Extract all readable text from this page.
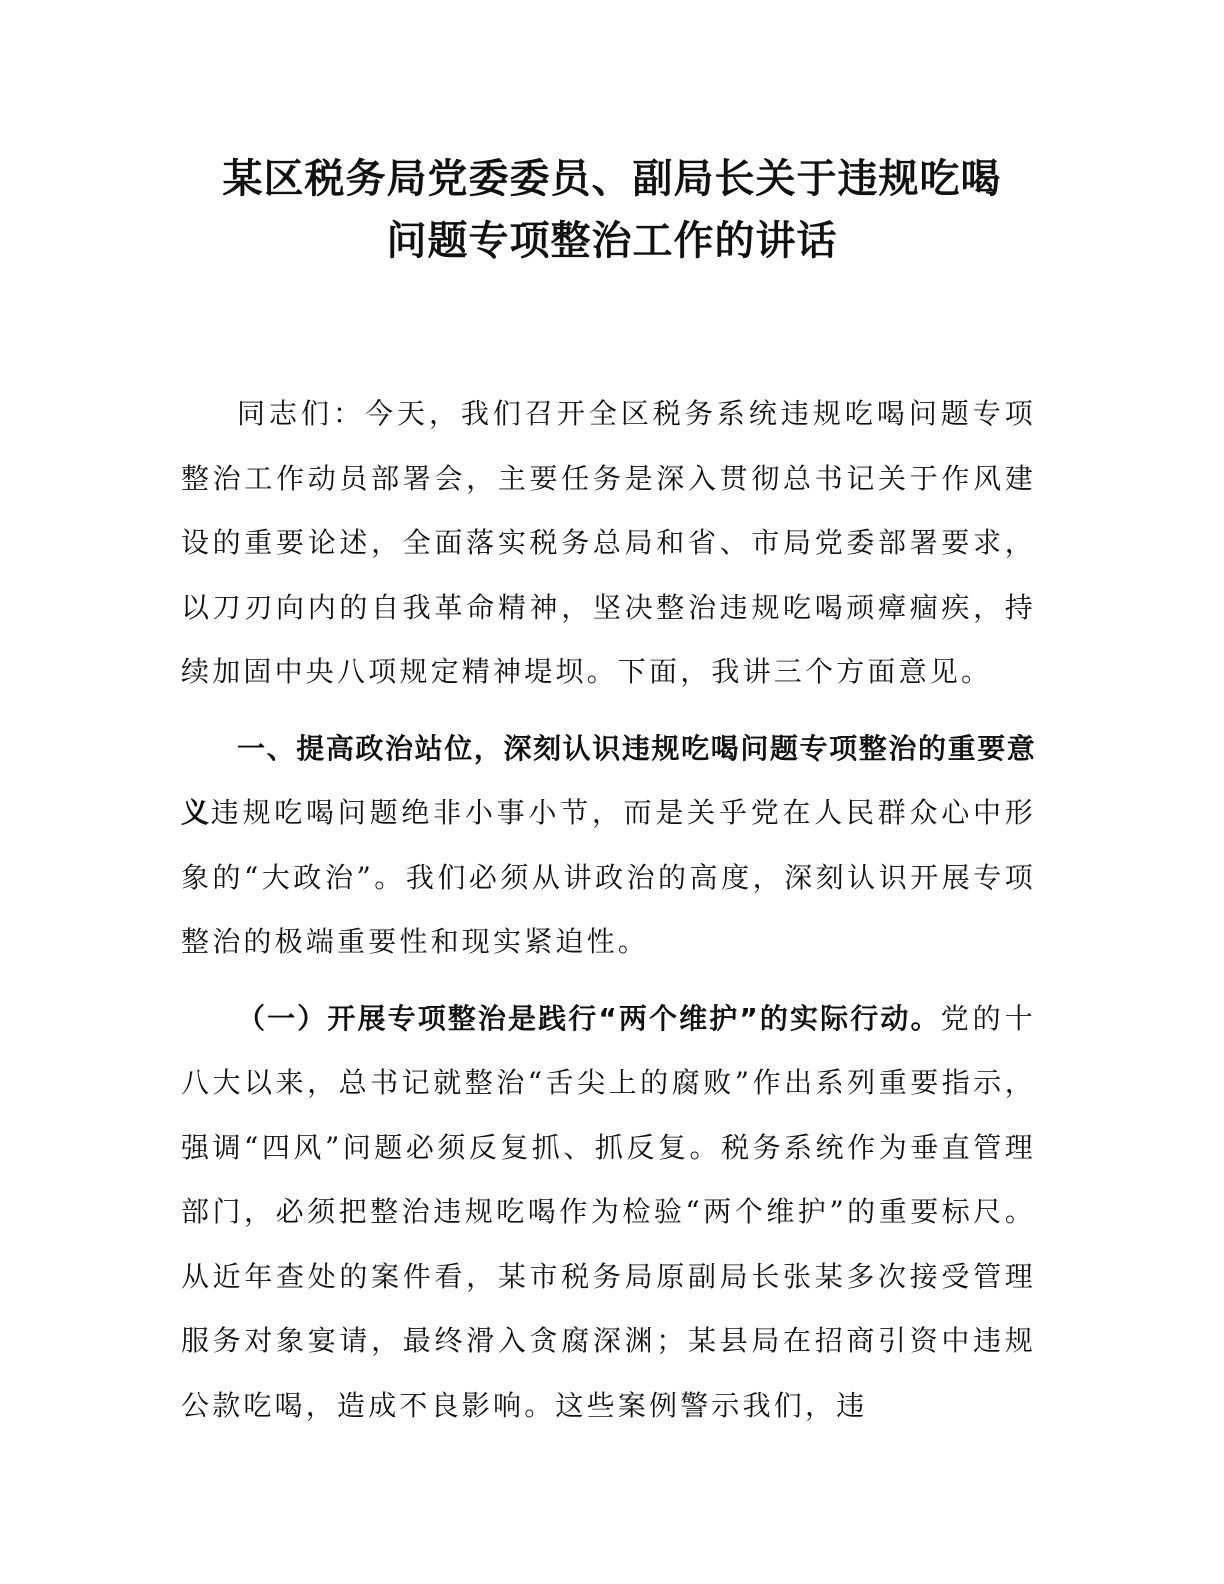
某区税务局党委委员、副局长关于违规吃喝
问题专项整治工作的讲话

同志们：今天，我们召开全区税务系统违规吃喝问题专项整治工作动员部署会，主要任务是深入贯彻总书记关于作风建设的重要论述，全面落实税务总局和省、市局党委部署要求，以刀刃向内的自我革命精神，坚决整治违规吃喝顽瘴痼疾，持续加固中央八项规定精神堤坝。下面，我讲三个方面意见。

一、提高政治站位，深刻认识违规吃喝问题专项整治的重要意义违规吃喝问题绝非小事小节，而是关乎党在人民群众心中形象的“大政治”。我们必须从讲政治的高度，深刻认识开展专项整治的极端重要性和现实紧迫性。

（一）开展专项整治是践行“两个维护”的实际行动。党的十八大以来，总书记就整治“舌尖上的腐败”作出系列重要指示，强调“四风”问题必须反复抓、抓反复。税务系统作为垂直管理部门，必须把整治违规吃喝作为检验“两个维护”的重要标尺。从近年查处的案件看，某市税务局原副局长张某多次接受管理服务对象宴请，最终滑入贪腐深渊；某县局在招商引资中违规公款吃喝，造成不良影响。这些案例警示我们，违
